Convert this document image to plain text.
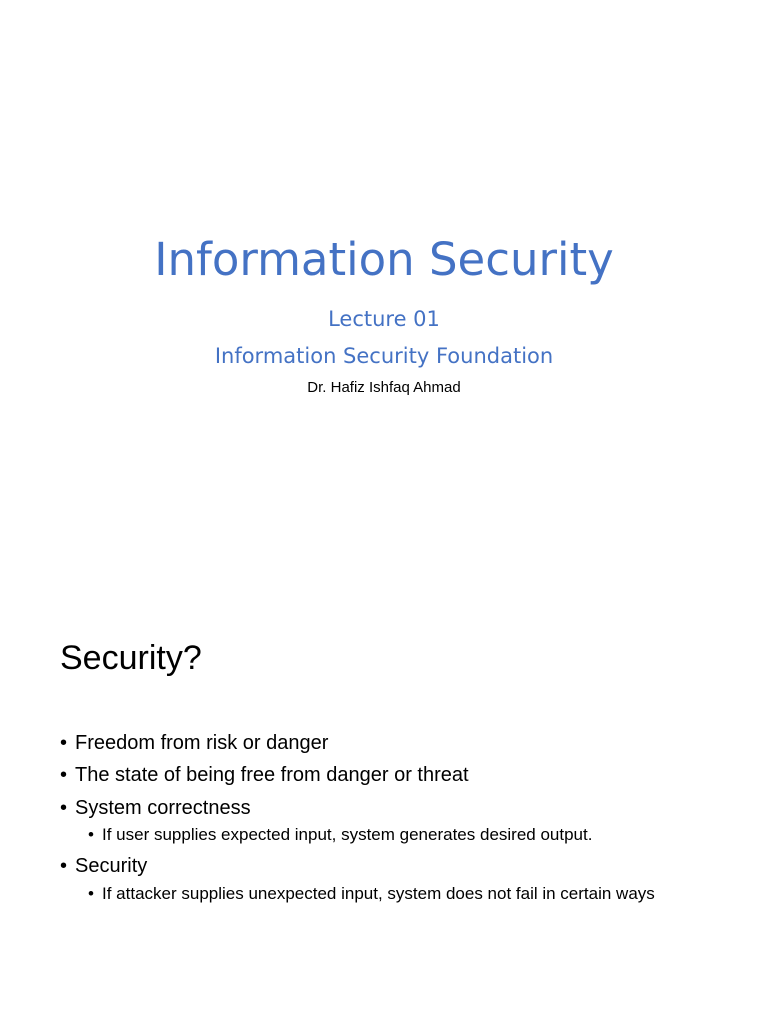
Information Security
Lecture 01
Information Security Foundation
Dr. Hafiz Ishfaq Ahmad
Security?
• Freedom from risk or danger
• The state of being free from danger or threat
• System correctness
• If user supplies expected input, system generates desired output.
• Security
• If attacker supplies unexpected input, system does not fail in certain ways
